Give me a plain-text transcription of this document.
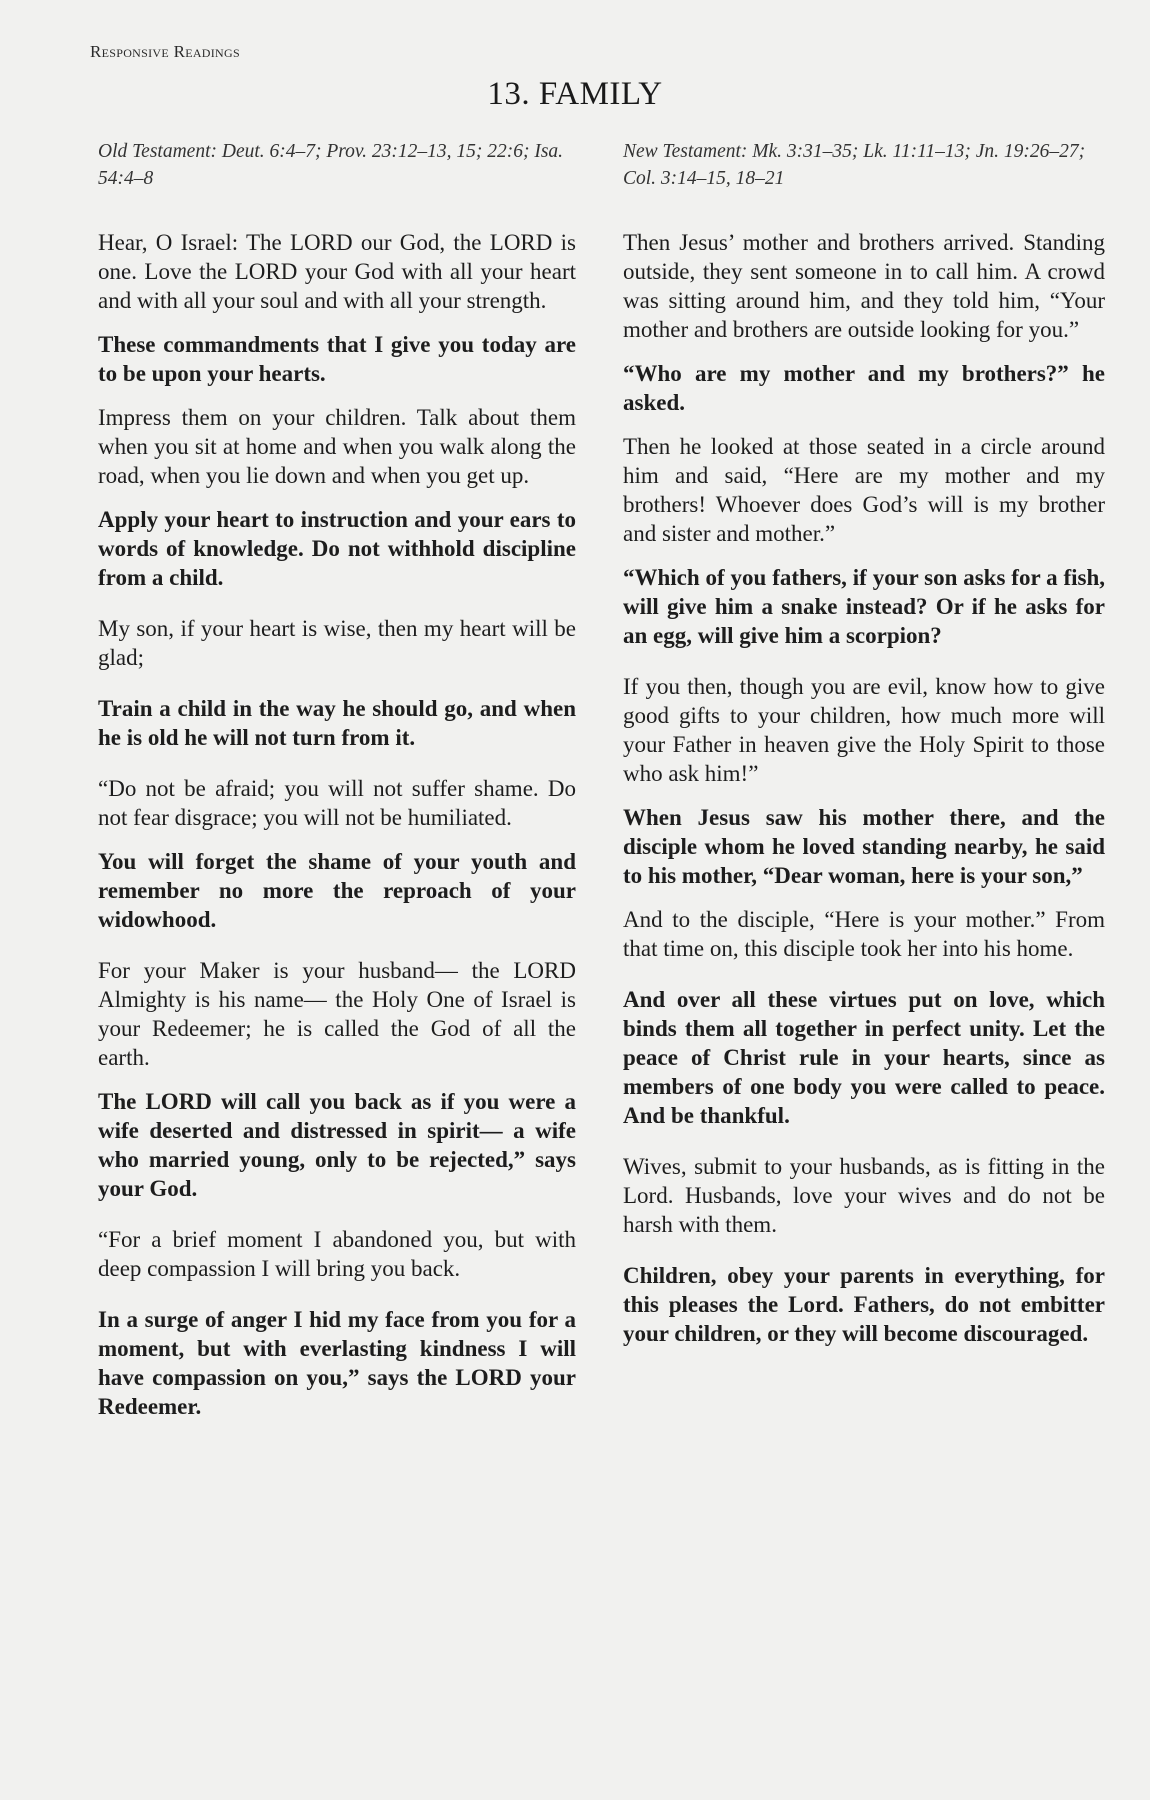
Responsive Readings
13. FAMILY
Old Testament: Deut. 6:4–7; Prov. 23:12–13, 15; 22:6; Isa. 54:4–8
Hear, O Israel: The LORD our God, the LORD is one. Love the LORD your God with all your heart and with all your soul and with all your strength.
These commandments that I give you today are to be upon your hearts.
Impress them on your children. Talk about them when you sit at home and when you walk along the road, when you lie down and when you get up.
Apply your heart to instruction and your ears to words of knowledge. Do not withhold discipline from a child.
My son, if your heart is wise, then my heart will be glad;
Train a child in the way he should go, and when he is old he will not turn from it.
“Do not be afraid; you will not suffer shame. Do not fear disgrace; you will not be humiliated.
You will forget the shame of your youth and remember no more the reproach of your widowhood.
For your Maker is your husband— the LORD Almighty is his name— the Holy One of Israel is your Redeemer; he is called the God of all the earth.
The LORD will call you back as if you were a wife deserted and distressed in spirit— a wife who married young, only to be rejected,” says your God.
“For a brief moment I abandoned you, but with deep compassion I will bring you back.
In a surge of anger I hid my face from you for a moment, but with everlasting kindness I will have compassion on you,” says the LORD your Redeemer.
New Testament: Mk. 3:31–35; Lk. 11:11–13; Jn. 19:26–27; Col. 3:14–15, 18–21
Then Jesus’ mother and brothers arrived. Standing outside, they sent someone in to call him. A crowd was sitting around him, and they told him, “Your mother and brothers are outside looking for you.”
“Who are my mother and my brothers?” he asked.
Then he looked at those seated in a circle around him and said, “Here are my mother and my brothers! Whoever does God’s will is my brother and sister and mother.”
“Which of you fathers, if your son asks for a fish, will give him a snake instead? Or if he asks for an egg, will give him a scorpion?
If you then, though you are evil, know how to give good gifts to your children, how much more will your Father in heaven give the Holy Spirit to those who ask him!”
When Jesus saw his mother there, and the disciple whom he loved standing nearby, he said to his mother, “Dear woman, here is your son,”
And to the disciple, “Here is your mother.” From that time on, this disciple took her into his home.
And over all these virtues put on love, which binds them all together in perfect unity. Let the peace of Christ rule in your hearts, since as members of one body you were called to peace. And be thankful.
Wives, submit to your husbands, as is fitting in the Lord. Husbands, love your wives and do not be harsh with them.
Children, obey your parents in everything, for this pleases the Lord. Fathers, do not embitter your children, or they will become discouraged.
